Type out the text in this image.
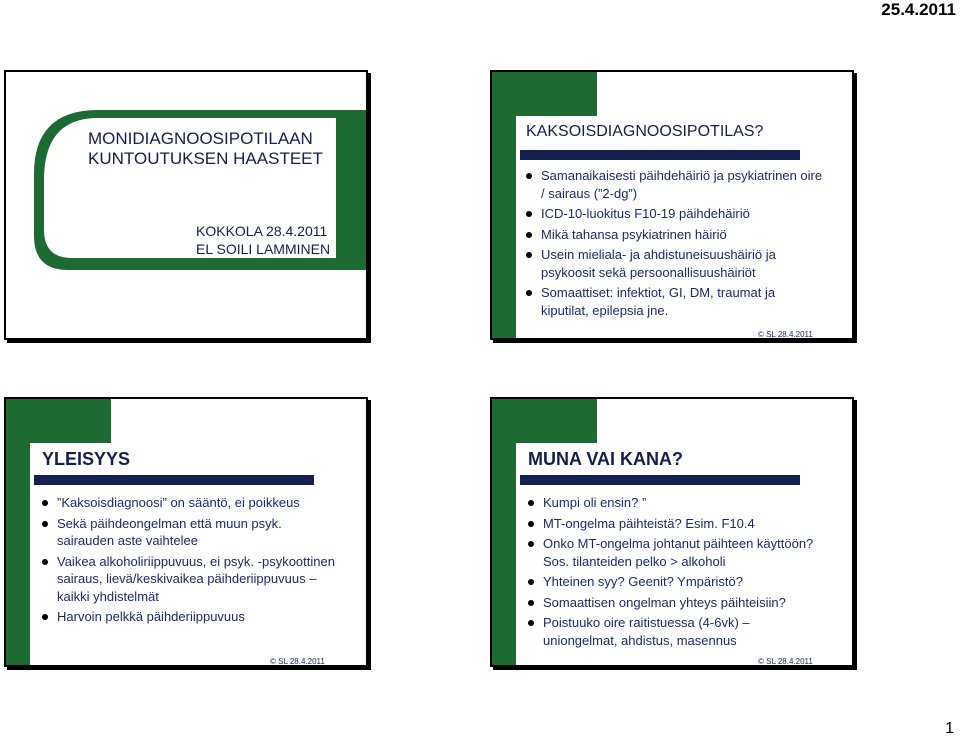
25.4.2011
MONIDIAGNOOSIPOTILAAN
KUNTOUTUKSEN HAASTEET
KOKKOLA 28.4.2011
EL SOILI LAMMINEN
KAKSOISDIAGNOOSIPOTILAS?
Samanaikaisesti päihdehäiriö ja psykiatrinen oire / sairaus (”2-dg”)
ICD-10-luokitus F10-19 päihdehäiriö
Mikä tahansa psykiatrinen häiriö
Usein mieliala- ja ahdistuneisuushäiriö ja psykoosit sekä persoonallisuushäiriöt
Somaattiset: infektiot, GI, DM, traumat ja kiputilat, epilepsia jne.
2	© SL 28.4.2011
YLEISYYS
”Kaksoisdiagnoosi” on sääntö, ei poikkeus
Sekä päihdeongelman että muun psyk. sairauden aste vaihtelee
Vaikea alkoholiriippuvuus, ei psyk. -psykoottinen sairaus, lievä/keskivaikea päihderiippuvuus – kaikki yhdistelmät
Harvoin pelkkä päihderiippuvuus
3	© SL 28.4.2011
MUNA VAI KANA?
Kumpi oli ensin? ”
MT-ongelma päihteistä? Esim. F10.4
Onko MT-ongelma johtanut päihteen käyttöön? Sos. tilanteiden pelko > alkoholi
Yhteinen syy? Geenit? Ympäristö?
Somaattisen ongelman yhteys päihteisiin?
Poistuuko oire raitistuessa (4-6vk) – uniongelmat, ahdistus, masennus
4	© SL 28.4.2011
1
